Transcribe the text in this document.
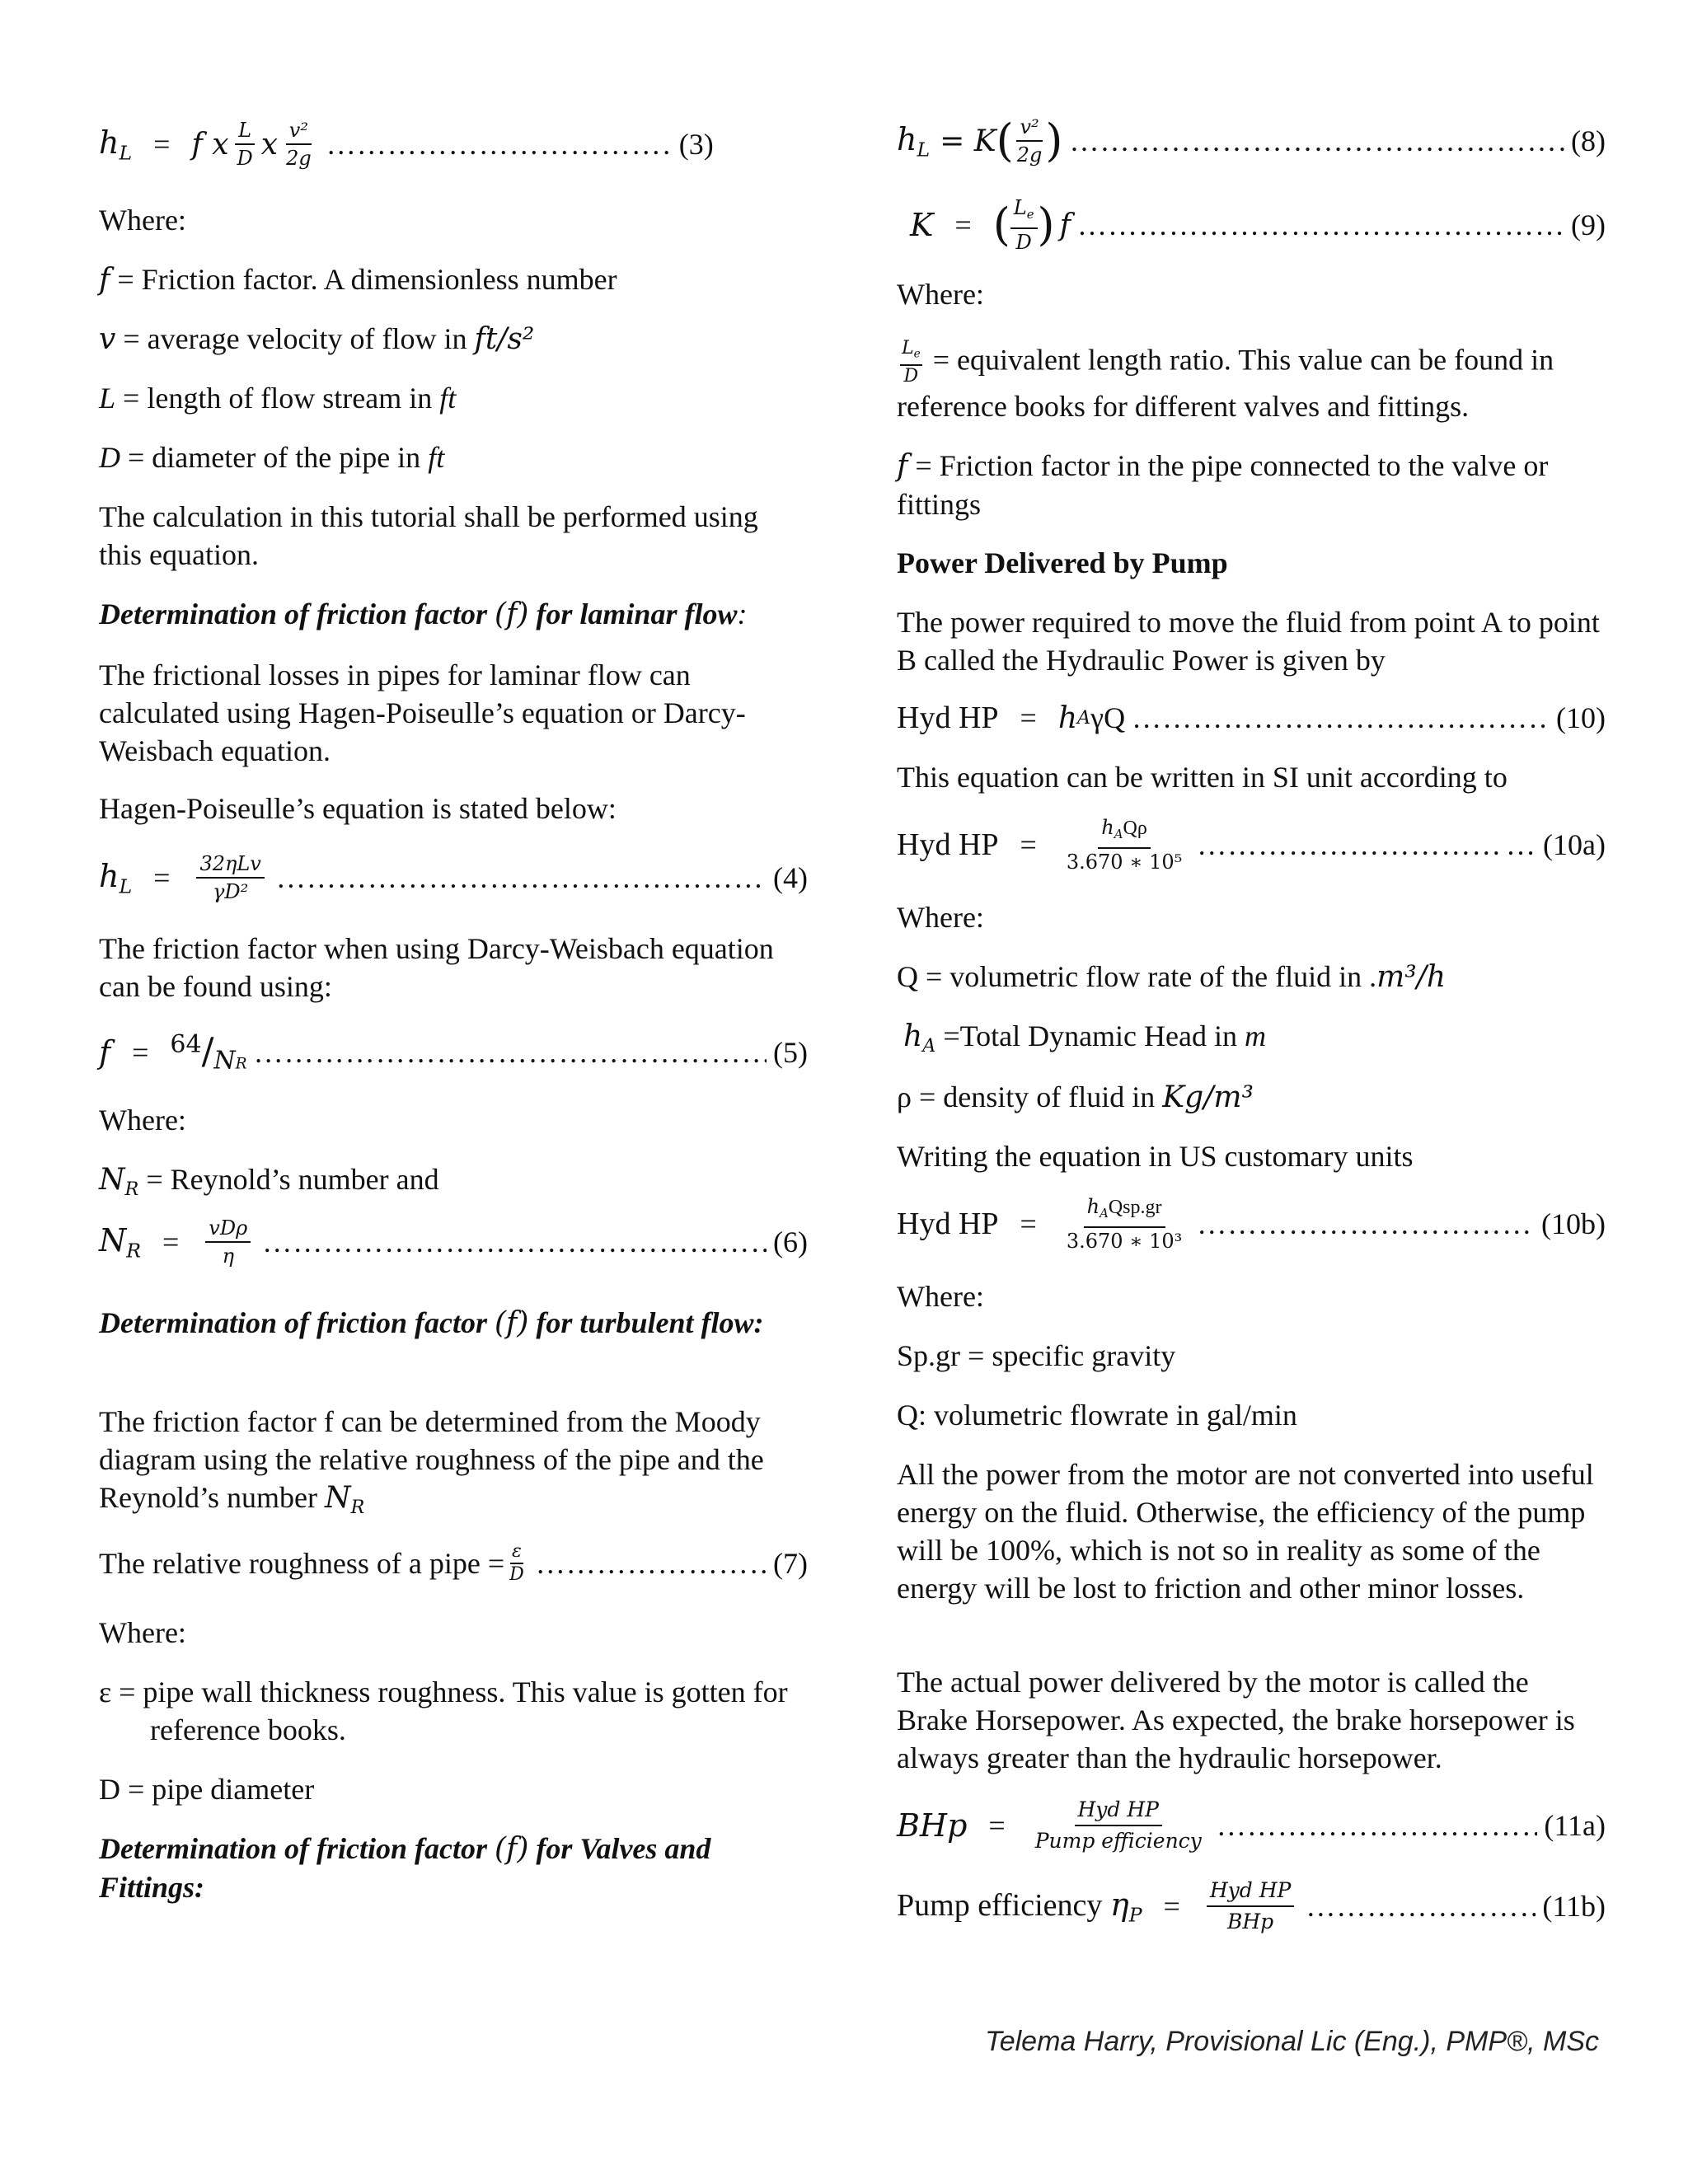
$h_L = f$ x $\frac{L}{D}$ x $\frac{\text{v²}}{2g}$ ………………………………………………………………………………………………………	(3)
Where:
f = Friction factor. A dimensionless number
v = average velocity of flow in ft/s²
L = length of flow stream in ft
D = diameter of the pipe in ft
The calculation in this tutorial shall be performed using this equation.
Determination of friction factor (f) for laminar flow:
The frictional losses in pipes for laminar flow can calculated using Hagen-Poiseulle’s equation or Darcy-Weisbach equation.
Hagen-Poiseulle’s equation is stated below:
$h_L = \frac{\text{32ηLv}}{\text{γD²}}$ ………………………………………………………………………………………………………	(4)
The friction factor when using Darcy-Weisbach equation can be found using:
$f = 64/N_R$ ………………………………………………………………………………………………………	(5)
Where:
$N_R$ = Reynold’s number and
$N_R = \frac{\text{vDρ}}{\eta}$ ………………………………………………………………………………………………………	(6)
Determination of friction factor (f) for turbulent flow:
The friction factor f can be determined from the Moody diagram using the relative roughness of the pipe and the Reynold’s number $N_R$
The relative roughness of a pipe = $\frac{\varepsilon}{D}$ ………………………………………………………………………………………………………	(7)
Where:
ε = pipe wall thickness roughness. This value is gotten for reference books.
D = pipe diameter
Determination of friction factor (f) for Valves and Fittings:
$h_L = K$ ( $\frac{\text{v²}}{2g}$ ) ………………………………………………………………………………………………………	(8)
K = ( $\frac{L_e}{D}$ ) f ………………………………………………………………………………………………………	(9)
Where:
$\frac{L_e}{D}$ = equivalent length ratio. This value can be found in reference books for different valves and fittings.
f = Friction factor in the pipe connected to the valve or fittings
Power Delivered by Pump
The power required to move the fluid from point A to point B called the Hydraulic Power is given by
Hyd HP = h A γQ ………………………………………………………………………………………………………	(10)
This equation can be written in SI unit according to
Hyd HP = $\frac{h_AQ\rho}{\text{3.670 ∗ 10⁵}}$ ………………………………………………………………………………………………………	… (10a)
Where:
Q = volumetric flow rate of the fluid in .m³/h
$h_A$ =Total Dynamic Head in m
ρ = density of fluid in Kg/m³
Writing the equation in US customary units
Hyd HP = $\frac{h_AQsp.gr}{\text{3.670 ∗ 10³}}$ ………………………………………………………………………………………………………	(10b)
Where:
Sp.gr = specific gravity
Q: volumetric flowrate in gal/min
All the power from the motor are not converted into useful energy on the fluid. Otherwise, the efficiency of the pump will be 100%, which is not so in reality as some of the energy will be lost to friction and other minor losses.
The actual power delivered by the motor is called the Brake Horsepower. As expected, the brake horsepower is always greater than the hydraulic horsepower.
BHp = $\frac{\text{Hyd HP}}{\text{Pump efficiency}}$ ………………………………………………………………………………………………………	(11a)
Pump efficiency $\eta_P = \frac{\text{Hyd HP}}{\text{BHp}}$ ………………………………………………………………………………………………………	(11b)
Telema Harry, Provisional Lic (Eng.), PMP®, MSc
